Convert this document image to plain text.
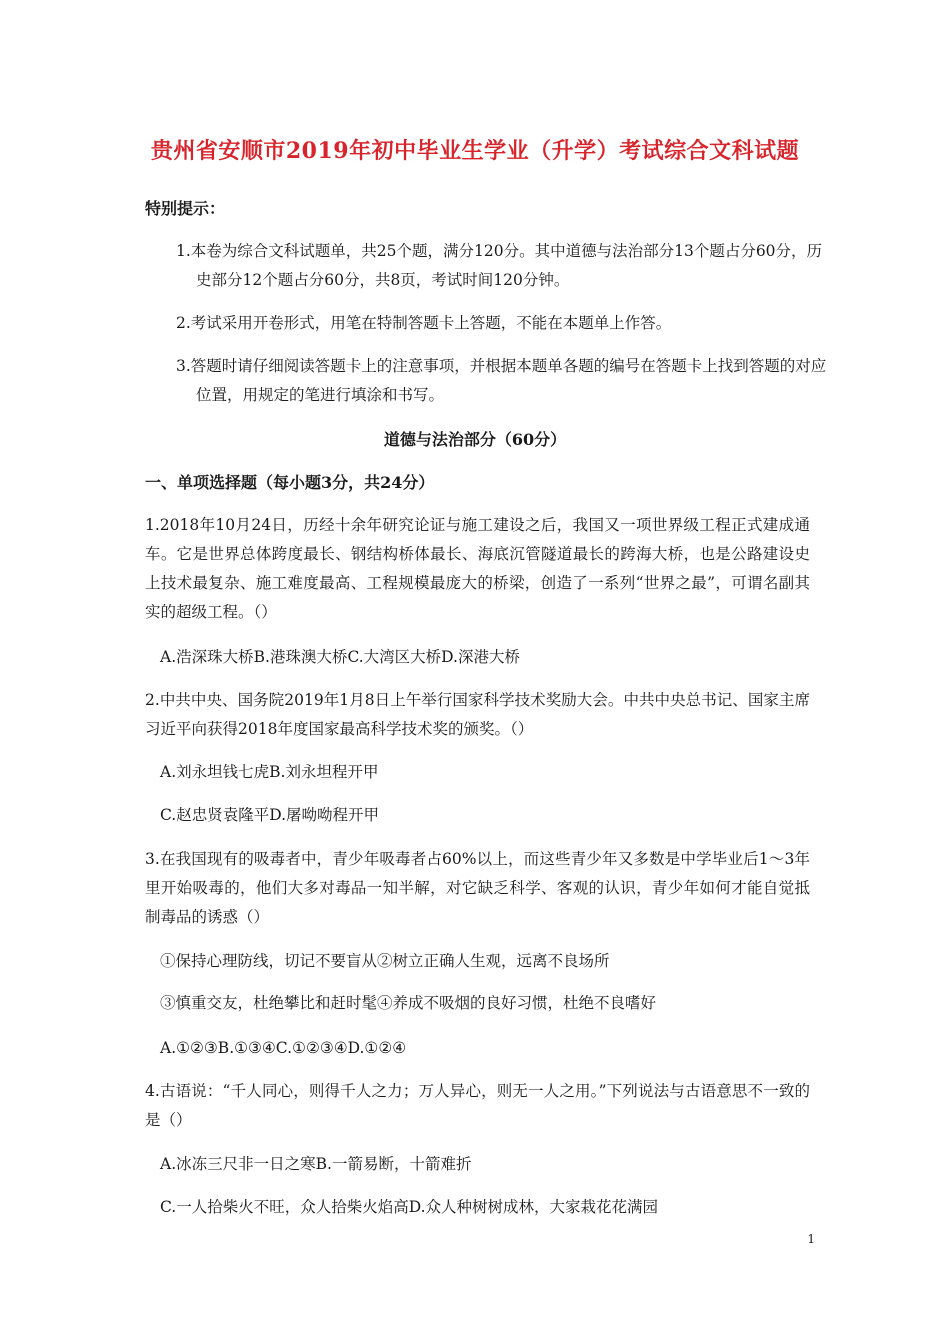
贵州省安顺市2019年初中毕业生学业（升学）考试综合文科试题
特别提示：
1.本卷为综合文科试题单，共25个题，满分120分。其中道德与法治部分13个题占分60分，历史部分12个题占分60分，共8页，考试时间120分钟。
2.考试采用开卷形式，用笔在特制答题卡上答题，不能在本题单上作答。
3.答题时请仔细阅读答题卡上的注意事项，并根据本题单各题的编号在答题卡上找到答题的对应位置，用规定的笔进行填涂和书写。
道德与法治部分（60分）
一、单项选择题（每小题3分，共24分）
1.2018年10月24日，历经十余年研究论证与施工建设之后，我国又一项世界级工程正式建成通车。它是世界总体跨度最长、钢结构桥体最长、海底沉管隧道最长的跨海大桥，也是公路建设史上技术最复杂、施工难度最高、工程规模最庞大的桥梁，创造了一系列“世界之最”，可谓名副其实的超级工程。（）
A.浩深珠大桥B.港珠澳大桥C.大湾区大桥D.深港大桥
2.中共中央、国务院2019年1月8日上午举行国家科学技术奖励大会。中共中央总书记、国家主席习近平向获得2018年度国家最高科学技术奖的颁奖。（）
A.刘永坦钱七虎B.刘永坦程开甲
C.赵忠贤袁隆平D.屠呦呦程开甲
3.在我国现有的吸毒者中，青少年吸毒者占60%以上，而这些青少年又多数是中学毕业后1～3年里开始吸毒的，他们大多对毒品一知半解，对它缺乏科学、客观的认识，青少年如何才能自觉抵制毒品的诱惑（）
①保持心理防线，切记不要盲从②树立正确人生观，远离不良场所
③慎重交友，杜绝攀比和赶时髦④养成不吸烟的良好习惯，杜绝不良嗜好
A.①②③B.①③④C.①②③④D.①②④
4.古语说：“千人同心，则得千人之力；万人异心，则无一人之用。”下列说法与古语意思不一致的是（）
A.冰冻三尺非一日之寒B.一箭易断，十箭难折
C.一人拾柴火不旺，众人拾柴火焰高D.众人种树树成林，大家栽花花满园
1
